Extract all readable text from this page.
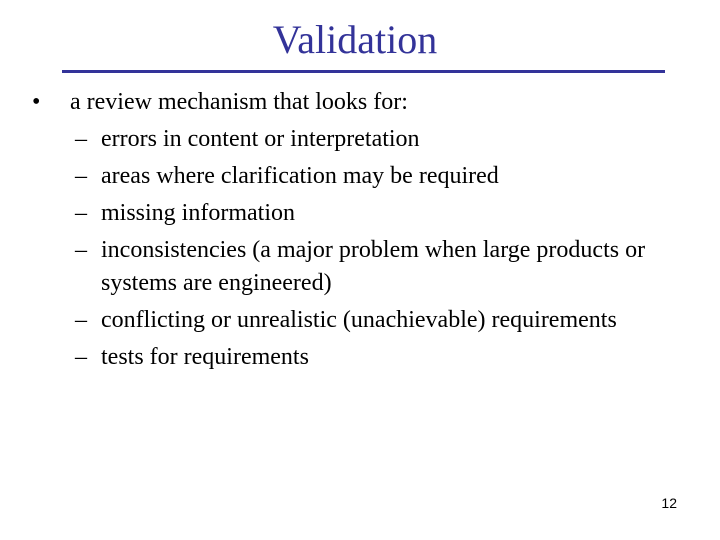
Validation
•	a review mechanism that looks for:
– errors in content or interpretation
– areas where clarification may be required
– missing information
– inconsistencies (a major problem when large products or systems are engineered)
– conflicting or unrealistic (unachievable) requirements
– tests for requirements
12
